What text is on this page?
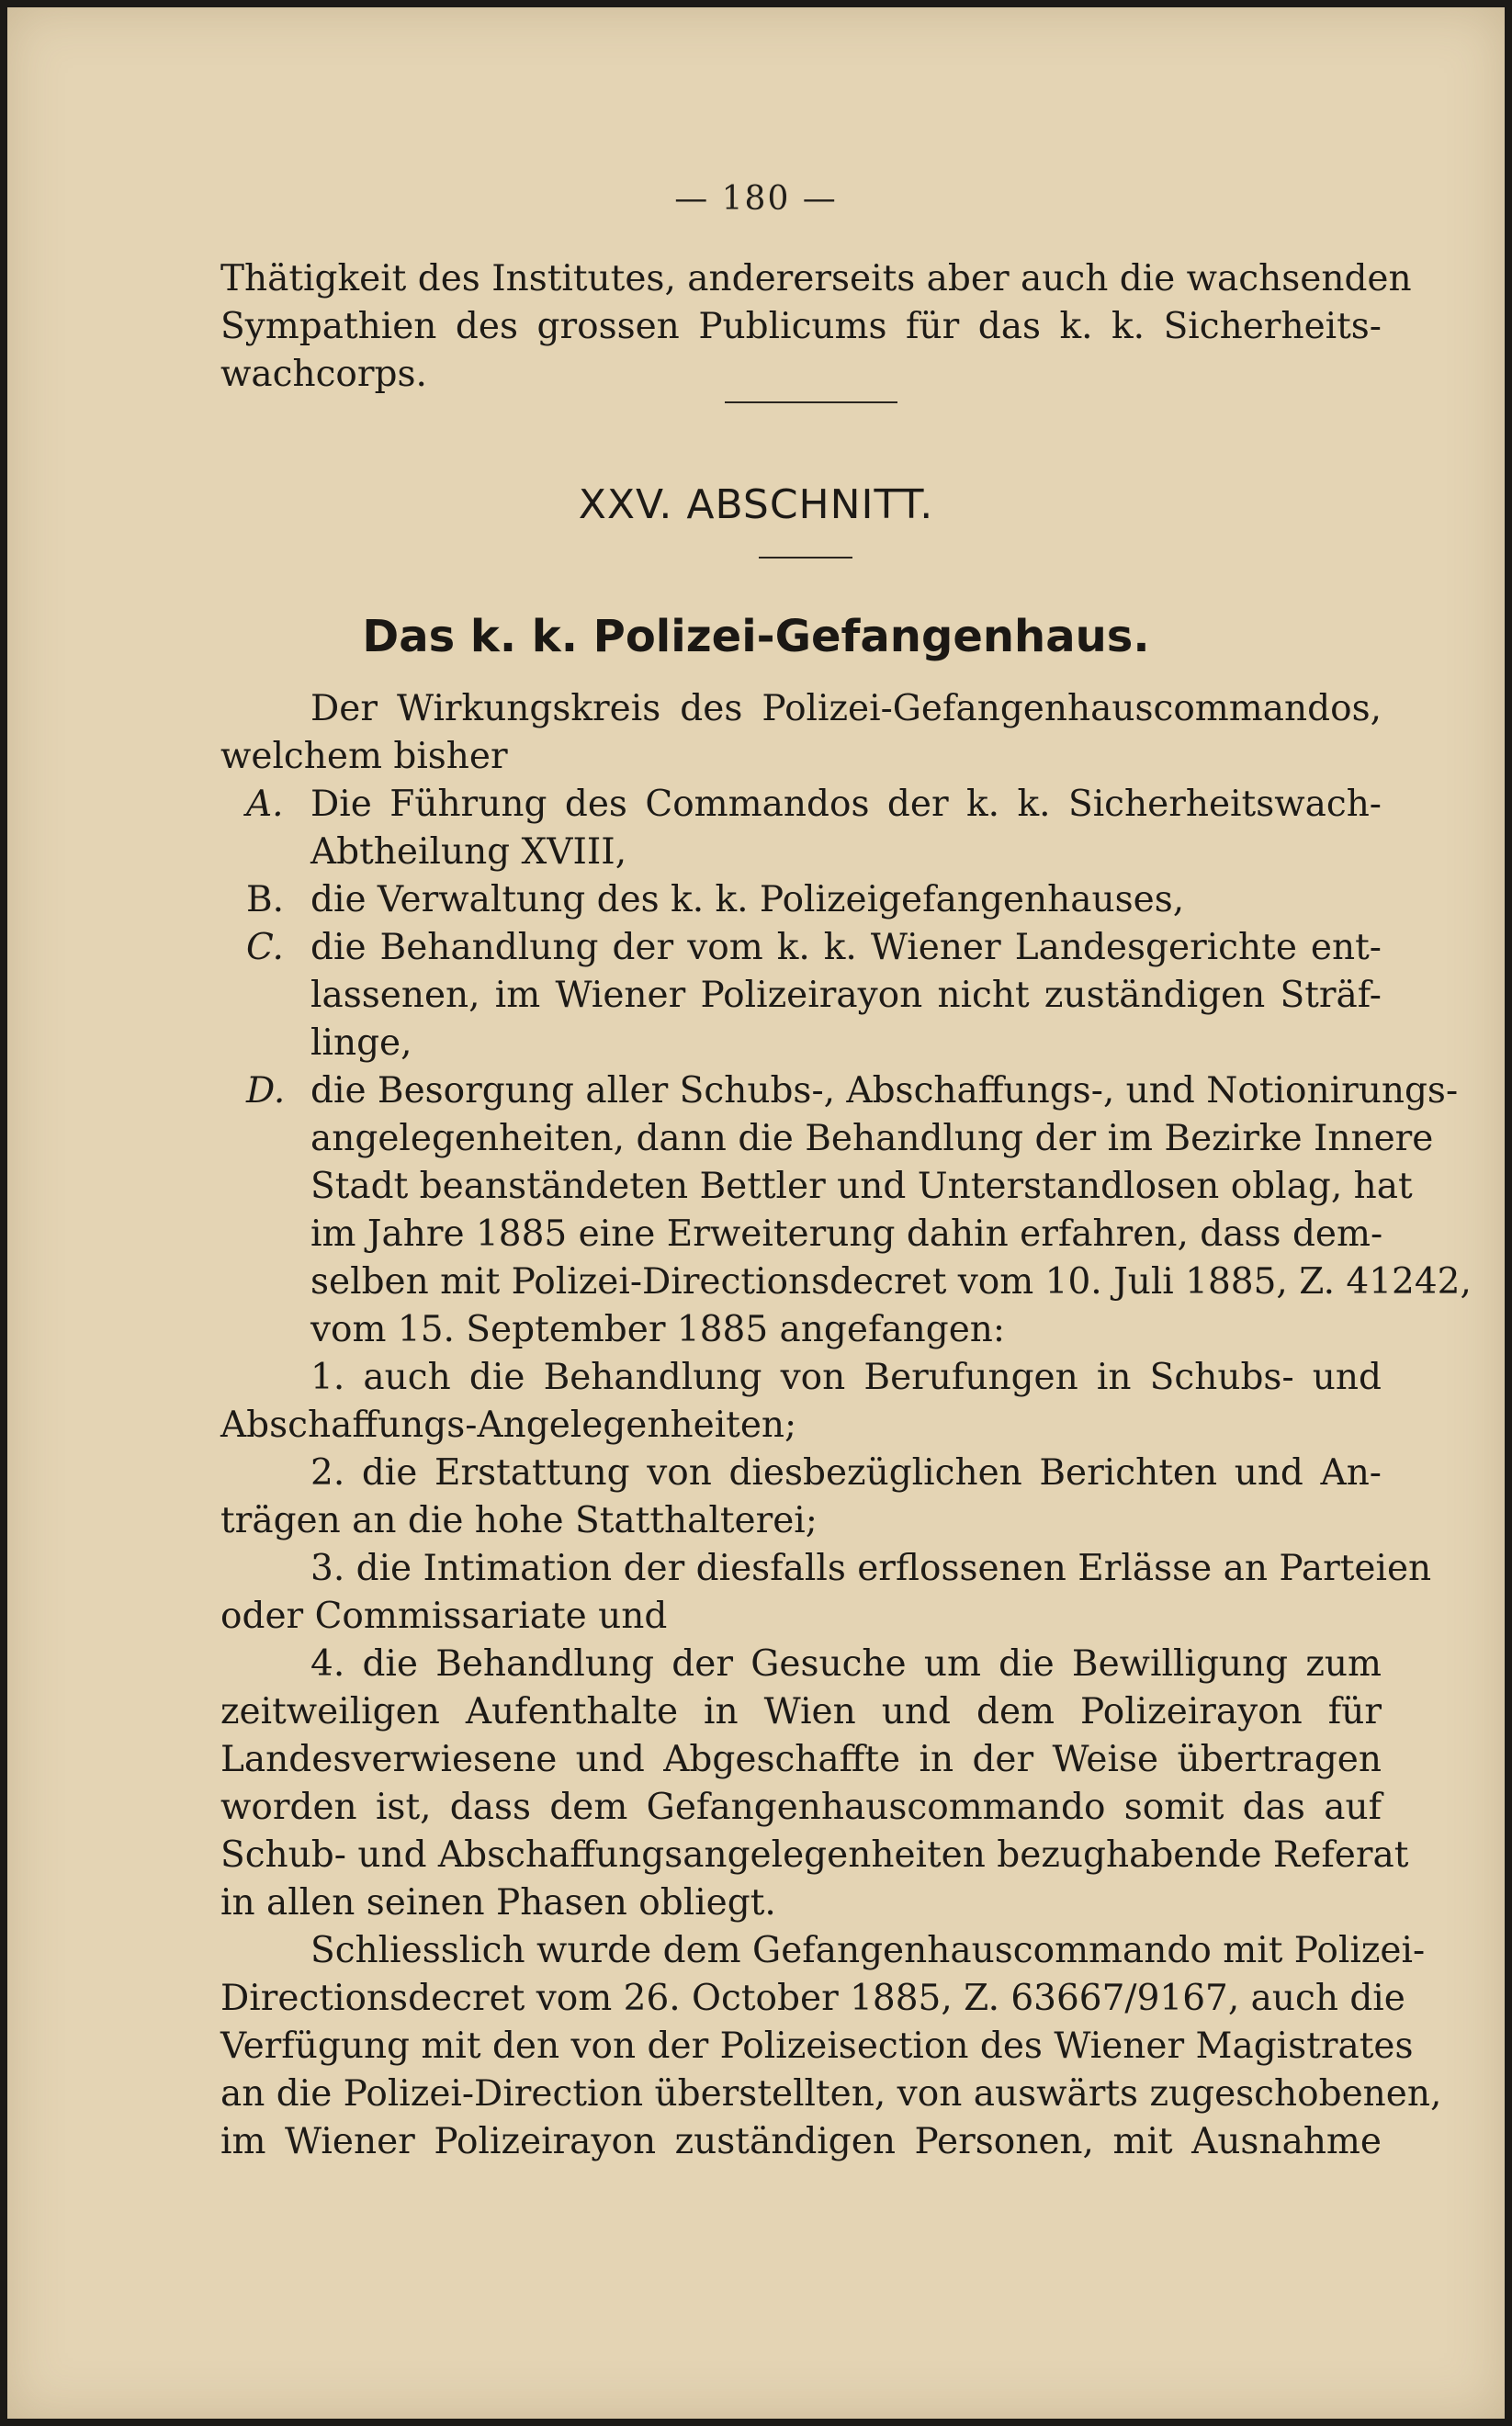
— 180 —
Thätigkeit des Institutes, andererseits aber auch die wachsenden
Sympathien des grossen Publicums für das k. k. Sicherheits-
wachcorps.
XXV. ABSCHNITT.
Das k. k. Polizei-Gefangenhaus.
Der Wirkungskreis des Polizei-Gefangenhauscommandos,
welchem bisher
A. Die Führung des Commandos der k. k. Sicherheitswach-
Abtheilung XVIII,
B. die Verwaltung des k. k. Polizeigefangenhauses,
C. die Behandlung der vom k. k. Wiener Landesgerichte ent-
lassenen, im Wiener Polizeirayon nicht zuständigen Sträf-
linge,
D. die Besorgung aller Schubs-, Abschaffungs-, und Notionirungs-
angelegenheiten, dann die Behandlung der im Bezirke Innere
Stadt beanständeten Bettler und Unterstandlosen oblag, hat
im Jahre 1885 eine Erweiterung dahin erfahren, dass dem-
selben mit Polizei-Directionsdecret vom 10. Juli 1885, Z. 41242,
vom 15. September 1885 angefangen:
1. auch die Behandlung von Berufungen in Schubs- und
Abschaffungs-Angelegenheiten;
2. die Erstattung von diesbezüglichen Berichten und An-
trägen an die hohe Statthalterei;
3. die Intimation der diesfalls erflossenen Erlässe an Parteien
oder Commissariate und
4. die Behandlung der Gesuche um die Bewilligung zum
zeitweiligen Aufenthalte in Wien und dem Polizeirayon für
Landesverwiesene und Abgeschaffte in der Weise übertragen
worden ist, dass dem Gefangenhauscommando somit das auf
Schub- und Abschaffungsangelegenheiten bezughabende Referat
in allen seinen Phasen obliegt.
Schliesslich wurde dem Gefangenhauscommando mit Polizei-
Directionsdecret vom 26. October 1885, Z. 63667/9167, auch die
Verfügung mit den von der Polizeisection des Wiener Magistrates
an die Polizei-Direction überstellten, von auswärts zugeschobenen,
im Wiener Polizeirayon zuständigen Personen, mit Ausnahme
